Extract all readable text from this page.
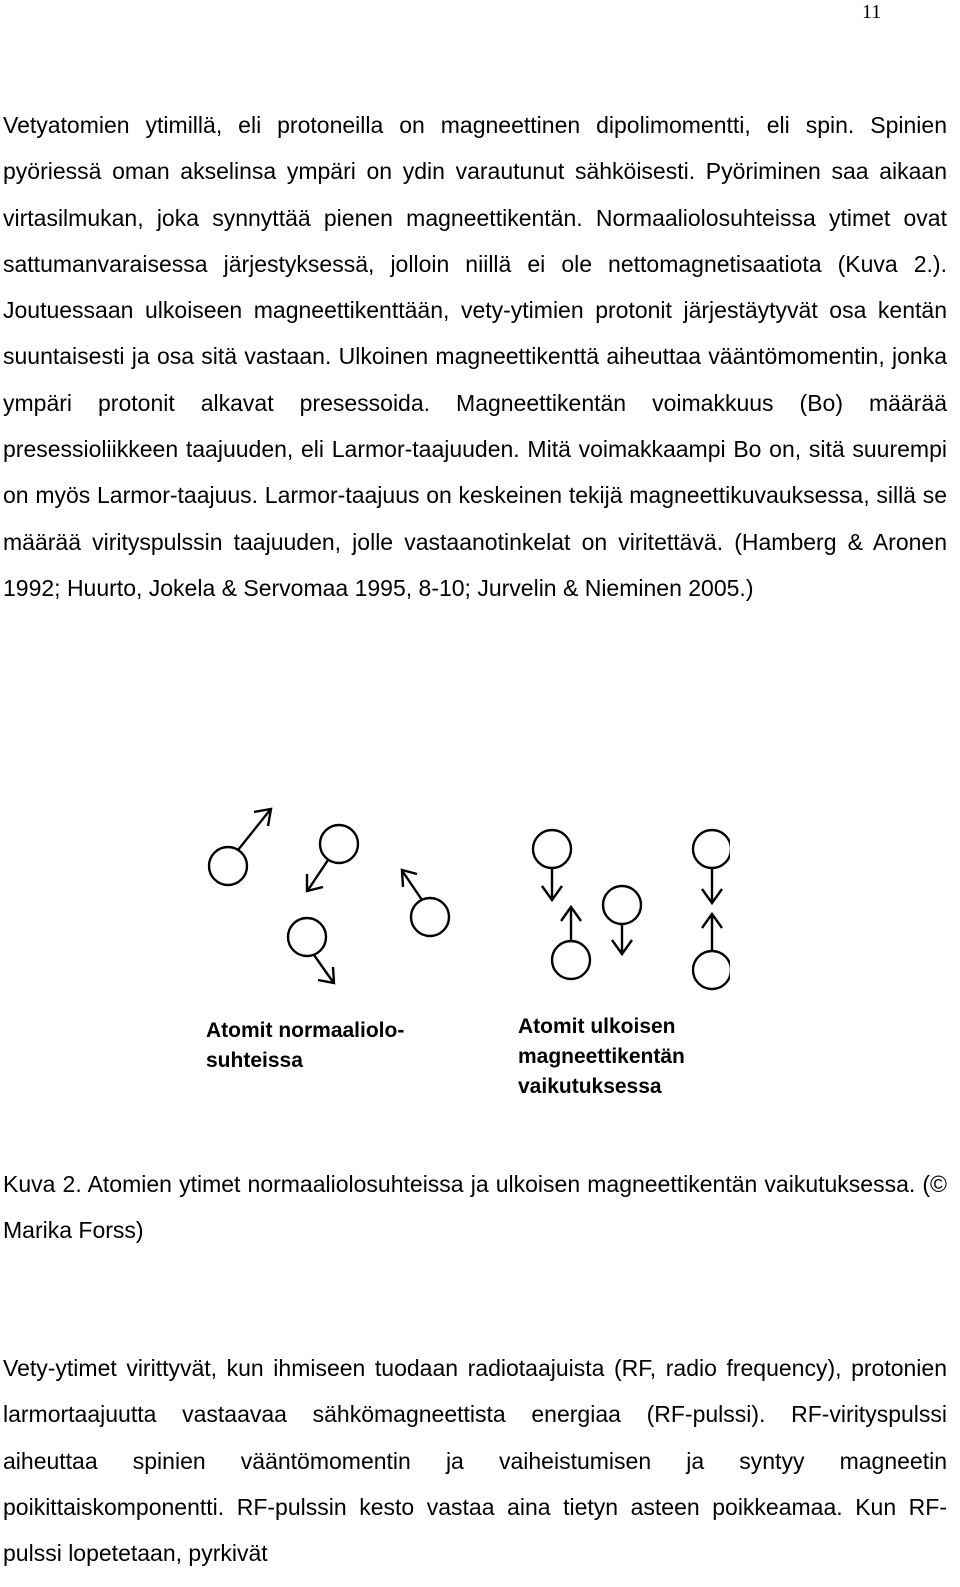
11

Vetyatomien ytimillä, eli protoneilla on magneettinen dipolimomentti, eli spin. Spinien pyöriessä oman akselinsa ympäri on ydin varautunut sähköisesti. Pyöriminen saa aikaan virtasilmukan, joka synnyttää pienen magneettikentän. Normaaliolosuhteissa ytimet ovat sattumanvaraisessa järjestyksessä, jolloin niillä ei ole nettomagnetisaatiota (Kuva 2.). Joutuessaan ulkoiseen magneettikenttään, vety-ytimien protonit järjestäytyvät osa kentän suuntaisesti ja osa sitä vastaan. Ulkoinen magneettikenttä aiheuttaa vääntömomentin, jonka ympäri protonit alkavat presessoida. Magneettikentän voimakkuus (Bo) määrää presessioliikkeen taajuuden, eli Larmor-taajuuden. Mitä voimakkaampi Bo on, sitä suurempi on myös Larmor-taajuus. Larmor-taajuus on keskeinen tekijä magneettikuvauksessa, sillä se määrää virityspulssin taajuuden, jolle vastaanotinkelat on viritettävä. (Hamberg & Aronen 1992; Huurto, Jokela & Servomaa 1995, 8-10; Jurvelin & Nieminen 2005.)

Atomit normaaliolo-
suhteissa
Atomit ulkoisen
magneettikentän
vaikutuksessa

Kuva 2. Atomien ytimet normaaliolosuhteissa ja ulkoisen magneettikentän vaikutuksessa. (© Marika Forss)

Vety-ytimet virittyvät, kun ihmiseen tuodaan radiotaajuista (RF, radio frequency), protonien larmortaajuutta vastaavaa sähkömagneettista energiaa (RF-pulssi). RF-virityspulssi aiheuttaa spinien vääntömomentin ja vaiheistumisen ja syntyy magneetin poikittaiskomponentti. RF-pulssin kesto vastaa aina tietyn asteen poikkeamaa. Kun RF-pulssi lopetetaan, pyrkivät
